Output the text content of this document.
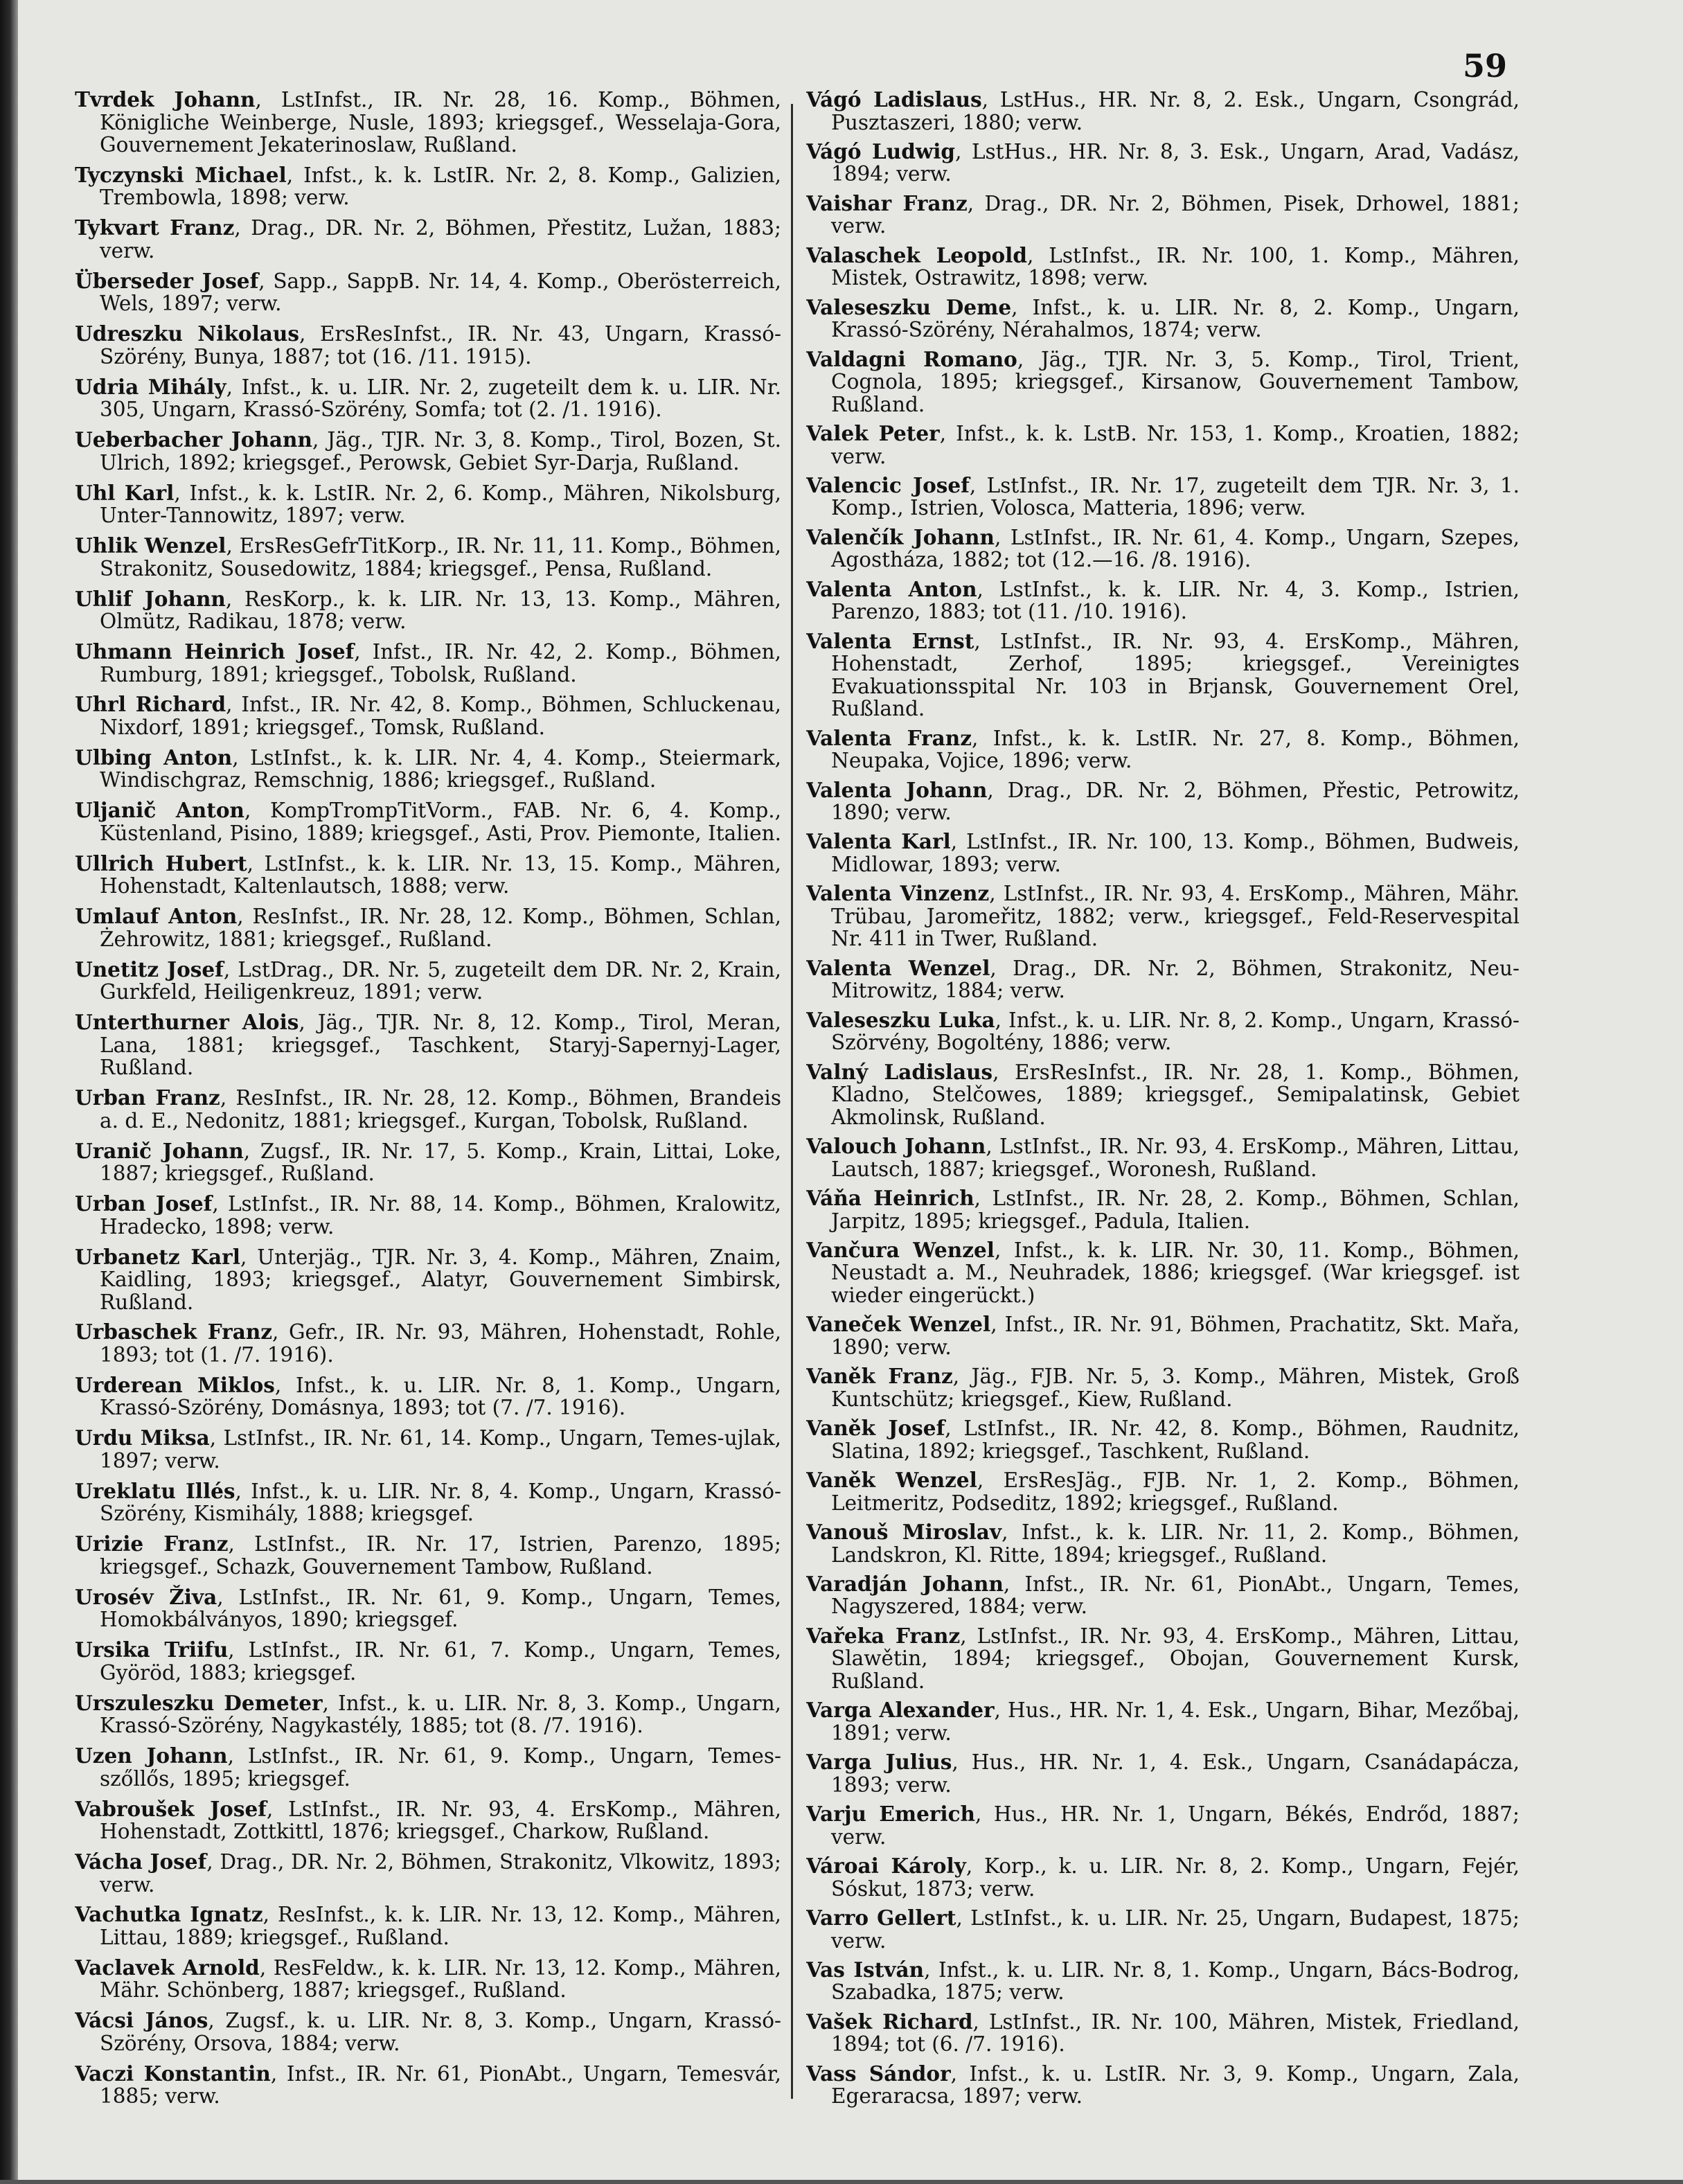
59
Tvrdek Johann, LstInfst., IR. Nr. 28, 16. Komp., Böhmen, Königliche Weinberge, Nusle, 1893; kriegsgef., Wesselaja-Gora, Gouvernement Jekaterinoslaw, Rußland.
Tyczynski Michael, Infst., k. k. LstIR. Nr. 2, 8. Komp., Galizien, Trembowla, 1898; verw.
Tykvart Franz, Drag., DR. Nr. 2, Böhmen, Přestitz, Lužan, 1883; verw.
Überseder Josef, Sapp., SappB. Nr. 14, 4. Komp., Oberösterreich, Wels, 1897; verw.
Udreszku Nikolaus, ErsResInfst., IR. Nr. 43, Ungarn, Krassó-Szörény, Bunya, 1887; tot (16. /11. 1915).
Udria Mihály, Infst., k. u. LIR. Nr. 2, zugeteilt dem k. u. LIR. Nr. 305, Ungarn, Krassó-Szörény, Somfa; tot (2. /1. 1916).
Ueberbacher Johann, Jäg., TJR. Nr. 3, 8. Komp., Tirol, Bozen, St. Ulrich, 1892; kriegsgef., Perowsk, Gebiet Syr-Darja, Rußland.
Uhl Karl, Infst., k. k. LstIR. Nr. 2, 6. Komp., Mähren, Nikolsburg, Unter-Tannowitz, 1897; verw.
Uhlik Wenzel, ErsResGefrTitKorp., IR. Nr. 11, 11. Komp., Böhmen, Strakonitz, Sousedowitz, 1884; kriegsgef., Pensa, Rußland.
Uhlif Johann, ResKorp., k. k. LIR. Nr. 13, 13. Komp., Mähren, Olmütz, Radikau, 1878; verw.
Uhmann Heinrich Josef, Infst., IR. Nr. 42, 2. Komp., Böhmen, Rumburg, 1891; kriegsgef., Tobolsk, Rußland.
Uhrl Richard, Infst., IR. Nr. 42, 8. Komp., Böhmen, Schluckenau, Nixdorf, 1891; kriegsgef., Tomsk, Rußland.
Ulbing Anton, LstInfst., k. k. LIR. Nr. 4, 4. Komp., Steiermark, Windischgraz, Remschnig, 1886; kriegsgef., Rußland.
Uljanič Anton, KompTrompTitVorm., FAB. Nr. 6, 4. Komp., Küstenland, Pisino, 1889; kriegsgef., Asti, Prov. Piemonte, Italien.
Ullrich Hubert, LstInfst., k. k. LIR. Nr. 13, 15. Komp., Mähren, Hohenstadt, Kaltenlautsch, 1888; verw.
Umlauf Anton, ResInfst., IR. Nr. 28, 12. Komp., Böhmen, Schlan, Żehrowitz, 1881; kriegsgef., Rußland.
Unetitz Josef, LstDrag., DR. Nr. 5, zugeteilt dem DR. Nr. 2, Krain, Gurkfeld, Heiligenkreuz, 1891; verw.
Unterthurner Alois, Jäg., TJR. Nr. 8, 12. Komp., Tirol, Meran, Lana, 1881; kriegsgef., Taschkent, Staryj-Sapernyj-Lager, Rußland.
Urban Franz, ResInfst., IR. Nr. 28, 12. Komp., Böhmen, Brandeis a. d. E., Nedonitz, 1881; kriegsgef., Kurgan, Tobolsk, Rußland.
Uranič Johann, Zugsf., IR. Nr. 17, 5. Komp., Krain, Littai, Loke, 1887; kriegsgef., Rußland.
Urban Josef, LstInfst., IR. Nr. 88, 14. Komp., Böhmen, Kralowitz, Hradecko, 1898; verw.
Urbanetz Karl, Unterjäg., TJR. Nr. 3, 4. Komp., Mähren, Znaim, Kaidling, 1893; kriegsgef., Alatyr, Gouvernement Simbirsk, Rußland.
Urbaschek Franz, Gefr., IR. Nr. 93, Mähren, Hohenstadt, Rohle, 1893; tot (1. /7. 1916).
Urderean Miklos, Infst., k. u. LIR. Nr. 8, 1. Komp., Ungarn, Krassó-Szörény, Domásnya, 1893; tot (7. /7. 1916).
Urdu Miksa, LstInfst., IR. Nr. 61, 14. Komp., Ungarn, Temes-ujlak, 1897; verw.
Ureklatu Illés, Infst., k. u. LIR. Nr. 8, 4. Komp., Ungarn, Krassó-Szörény, Kismihály, 1888; kriegsgef.
Urizie Franz, LstInfst., IR. Nr. 17, Istrien, Parenzo, 1895; kriegsgef., Schazk, Gouvernement Tambow, Rußland.
Urosév Živa, LstInfst., IR. Nr. 61, 9. Komp., Ungarn, Temes, Homokbálványos, 1890; kriegsgef.
Ursika Triifu, LstInfst., IR. Nr. 61, 7. Komp., Ungarn, Temes, Györöd, 1883; kriegsgef.
Urszuleszku Demeter, Infst., k. u. LIR. Nr. 8, 3. Komp., Ungarn, Krassó-Szörény, Nagykastély, 1885; tot (8. /7. 1916).
Uzen Johann, LstInfst., IR. Nr. 61, 9. Komp., Ungarn, Temes-szőllős, 1895; kriegsgef.
Vabroušek Josef, LstInfst., IR. Nr. 93, 4. ErsKomp., Mähren, Hohenstadt, Zottkittl, 1876; kriegsgef., Charkow, Rußland.
Vácha Josef, Drag., DR. Nr. 2, Böhmen, Strakonitz, Vlkowitz, 1893; verw.
Vachutka Ignatz, ResInfst., k. k. LIR. Nr. 13, 12. Komp., Mähren, Littau, 1889; kriegsgef., Rußland.
Vaclavek Arnold, ResFeldw., k. k. LIR. Nr. 13, 12. Komp., Mähren, Mähr. Schönberg, 1887; kriegsgef., Rußland.
Vácsi János, Zugsf., k. u. LIR. Nr. 8, 3. Komp., Ungarn, Krassó-Szörény, Orsova, 1884; verw.
Vaczi Konstantin, Infst., IR. Nr. 61, PionAbt., Ungarn, Temesvár, 1885; verw.
Vágó Ladislaus, LstHus., HR. Nr. 8, 2. Esk., Ungarn, Csongrád, Pusztaszeri, 1880; verw.
Vágó Ludwig, LstHus., HR. Nr. 8, 3. Esk., Ungarn, Arad, Vadász, 1894; verw.
Vaishar Franz, Drag., DR. Nr. 2, Böhmen, Pisek, Drhowel, 1881; verw.
Valaschek Leopold, LstInfst., IR. Nr. 100, 1. Komp., Mähren, Mistek, Ostrawitz, 1898; verw.
Valeseszku Deme, Infst., k. u. LIR. Nr. 8, 2. Komp., Ungarn, Krassó-Szörény, Nérahalmos, 1874; verw.
Valdagni Romano, Jäg., TJR. Nr. 3, 5. Komp., Tirol, Trient, Cognola, 1895; kriegsgef., Kirsanow, Gouvernement Tambow, Rußland.
Valek Peter, Infst., k. k. LstB. Nr. 153, 1. Komp., Kroatien, 1882; verw.
Valencic Josef, LstInfst., IR. Nr. 17, zugeteilt dem TJR. Nr. 3, 1. Komp., Istrien, Volosca, Matteria, 1896; verw.
Valenčík Johann, LstInfst., IR. Nr. 61, 4. Komp., Ungarn, Szepes, Agostháza, 1882; tot (12.—16. /8. 1916).
Valenta Anton, LstInfst., k. k. LIR. Nr. 4, 3. Komp., Istrien, Parenzo, 1883; tot (11. /10. 1916).
Valenta Ernst, LstInfst., IR. Nr. 93, 4. ErsKomp., Mähren, Hohenstadt, Zerhof, 1895; kriegsgef., Vereinigtes Evakuationsspital Nr. 103 in Brjansk, Gouvernement Orel, Rußland.
Valenta Franz, Infst., k. k. LstIR. Nr. 27, 8. Komp., Böhmen, Neupaka, Vojice, 1896; verw.
Valenta Johann, Drag., DR. Nr. 2, Böhmen, Přestic, Petrowitz, 1890; verw.
Valenta Karl, LstInfst., IR. Nr. 100, 13. Komp., Böhmen, Budweis, Midlowar, 1893; verw.
Valenta Vinzenz, LstInfst., IR. Nr. 93, 4. ErsKomp., Mähren, Mähr. Trübau, Jaromeřitz, 1882; verw., kriegsgef., Feld-Reservespital Nr. 411 in Twer, Rußland.
Valenta Wenzel, Drag., DR. Nr. 2, Böhmen, Strakonitz, Neu-Mitrowitz, 1884; verw.
Valeseszku Luka, Infst., k. u. LIR. Nr. 8, 2. Komp., Ungarn, Krassó-Szörvény, Bogoltény, 1886; verw.
Valný Ladislaus, ErsResInfst., IR. Nr. 28, 1. Komp., Böhmen, Kladno, Stelčowes, 1889; kriegsgef., Semipalatinsk, Gebiet Akmolinsk, Rußland.
Valouch Johann, LstInfst., IR. Nr. 93, 4. ErsKomp., Mähren, Littau, Lautsch, 1887; kriegsgef., Woronesh, Rußland.
Váňa Heinrich, LstInfst., IR. Nr. 28, 2. Komp., Böhmen, Schlan, Jarpitz, 1895; kriegsgef., Padula, Italien.
Vančura Wenzel, Infst., k. k. LIR. Nr. 30, 11. Komp., Böhmen, Neustadt a. M., Neuhradek, 1886; kriegsgef. (War kriegsgef. ist wieder eingerückt.)
Vaneček Wenzel, Infst., IR. Nr. 91, Böhmen, Prachatitz, Skt. Mařa, 1890; verw.
Vaněk Franz, Jäg., FJB. Nr. 5, 3. Komp., Mähren, Mistek, Groß Kuntschütz; kriegsgef., Kiew, Rußland.
Vaněk Josef, LstInfst., IR. Nr. 42, 8. Komp., Böhmen, Raudnitz, Slatina, 1892; kriegsgef., Taschkent, Rußland.
Vaněk Wenzel, ErsResJäg., FJB. Nr. 1, 2. Komp., Böhmen, Leitmeritz, Podseditz, 1892; kriegsgef., Rußland.
Vanouš Miroslav, Infst., k. k. LIR. Nr. 11, 2. Komp., Böhmen, Landskron, Kl. Ritte, 1894; kriegsgef., Rußland.
Varadján Johann, Infst., IR. Nr. 61, PionAbt., Ungarn, Temes, Nagyszered, 1884; verw.
Vařeka Franz, LstInfst., IR. Nr. 93, 4. ErsKomp., Mähren, Littau, Slawětin, 1894; kriegsgef., Obojan, Gouvernement Kursk, Rußland.
Varga Alexander, Hus., HR. Nr. 1, 4. Esk., Ungarn, Bihar, Mezőbaj, 1891; verw.
Varga Julius, Hus., HR. Nr. 1, 4. Esk., Ungarn, Csanádapácza, 1893; verw.
Varju Emerich, Hus., HR. Nr. 1, Ungarn, Békés, Endrőd, 1887; verw.
Vároai Károly, Korp., k. u. LIR. Nr. 8, 2. Komp., Ungarn, Fejér, Sóskut, 1873; verw.
Varro Gellert, LstInfst., k. u. LIR. Nr. 25, Ungarn, Budapest, 1875; verw.
Vas István, Infst., k. u. LIR. Nr. 8, 1. Komp., Ungarn, Bács-Bodrog, Szabadka, 1875; verw.
Vašek Richard, LstInfst., IR. Nr. 100, Mähren, Mistek, Friedland, 1894; tot (6. /7. 1916).
Vass Sándor, Infst., k. u. LstIR. Nr. 3, 9. Komp., Ungarn, Zala, Egeraracsa, 1897; verw.
